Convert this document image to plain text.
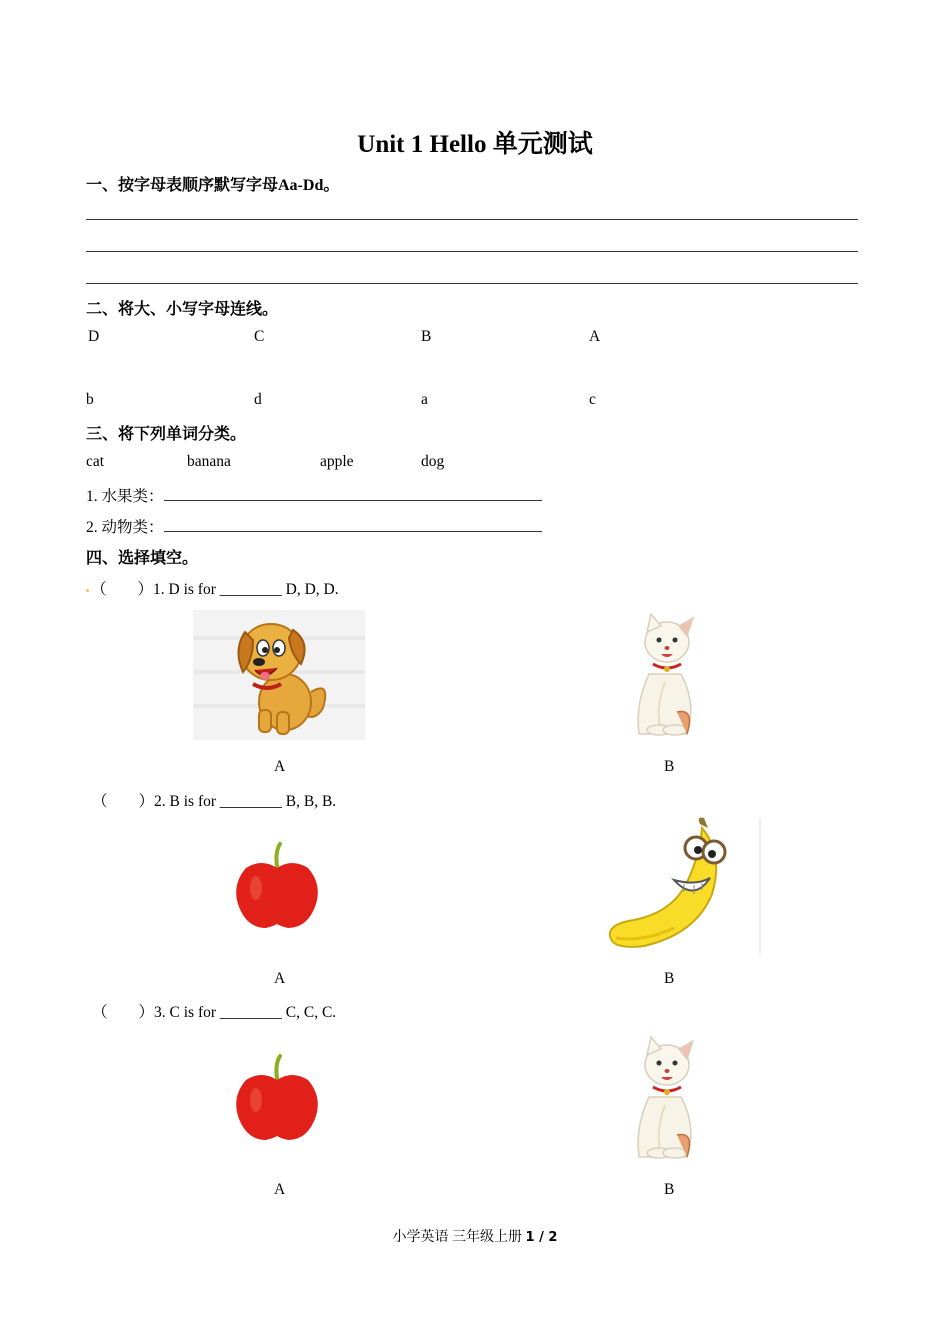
Unit 1 Hello 单元测试
一、按字母表顺序默写字母Aa-Dd。
二、将大、小写字母连线。
D	C	B	A
b	d	a	c
三、将下列单词分类。
cat	banana	apple	dog
1. 水果类：
2. 动物类：
四、选择填空。
（　　）1. D is for ________ D, D, D.
A	B
（　　）2. B is for ________ B, B, B.
A	B
（　　）3. C is for ________ C, C, C.
A	B
小学英语 三年级上册 1 / 2
